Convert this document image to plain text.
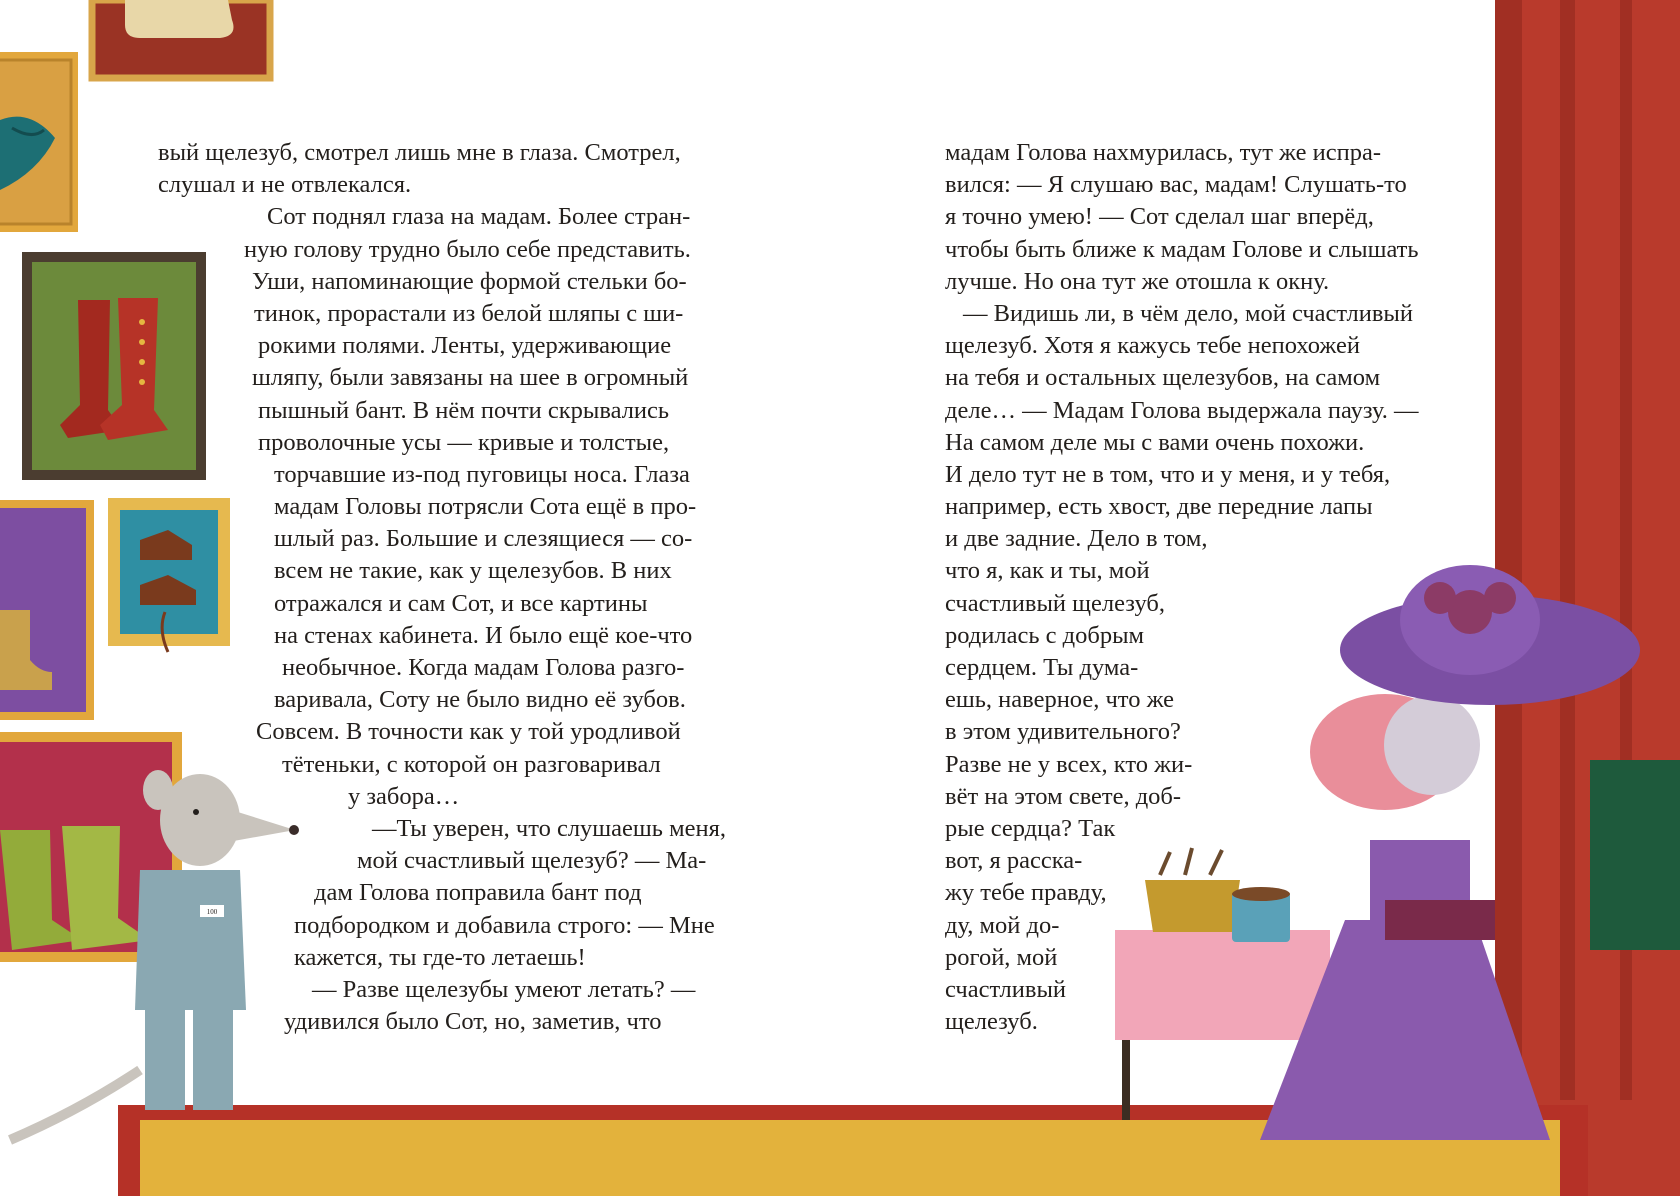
100
вый щелезуб, смотрел лишь мне в глаза. Смотрел,
слушал и не отвлекался.
Сот поднял глаза на мадам. Более стран-
ную голову трудно было себе представить.
Уши, напоминающие формой стельки бо-
тинок, прорастали из белой шляпы с ши-
рокими полями. Ленты, удерживающие
шляпу, были завязаны на шее в огромный
пышный бант. В нём почти скрывались
проволочные усы — кривые и толстые,
торчавшие из-под пуговицы носа. Глаза
мадам Головы потрясли Сота ещё в про-
шлый раз. Большие и слезящиеся — со-
всем не такие, как у щелезубов. В них
отражался и сам Сот, и все картины
на стенах кабинета. И было ещё кое-что
необычное. Когда мадам Голова разго-
варивала, Соту не было видно её зубов.
Совсем. В точности как у той уродливой
тётеньки, с которой он разговаривал
у забора…
—Ты уверен, что слушаешь меня,
мой счастливый щелезуб? — Ма-
дам Голова поправила бант под
подбородком и добавила строго: — Мне
кажется, ты где-то летаешь!
— Разве щелезубы умеют летать? —
удивился было Сот, но, заметив, что
мадам Голова нахмурилась, тут же испра-
вился: — Я слушаю вас, мадам! Слушать-то
я точно умею! — Сот сделал шаг вперёд,
чтобы быть ближе к мадам Голове и слышать
лучше. Но она тут же отошла к окну.
— Видишь ли, в чём дело, мой счастливый
щелезуб. Хотя я кажусь тебе непохожей
на тебя и остальных щелезубов, на самом
деле… — Мадам Голова выдержала паузу. —
На самом деле мы с вами очень похожи.
И дело тут не в том, что и у меня, и у тебя,
например, есть хвост, две передние лапы
и две задние. Дело в том,
что я, как и ты, мой
счастливый щелезуб,
родилась с добрым
сердцем. Ты дума-
ешь, наверное, что же
в этом удивительного?
Разве не у всех, кто жи-
вёт на этом свете, доб-
рые сердца? Так
вот, я расска-
жу тебе правду,
ду, мой до-
рогой, мой
счастливый
щелезуб.
